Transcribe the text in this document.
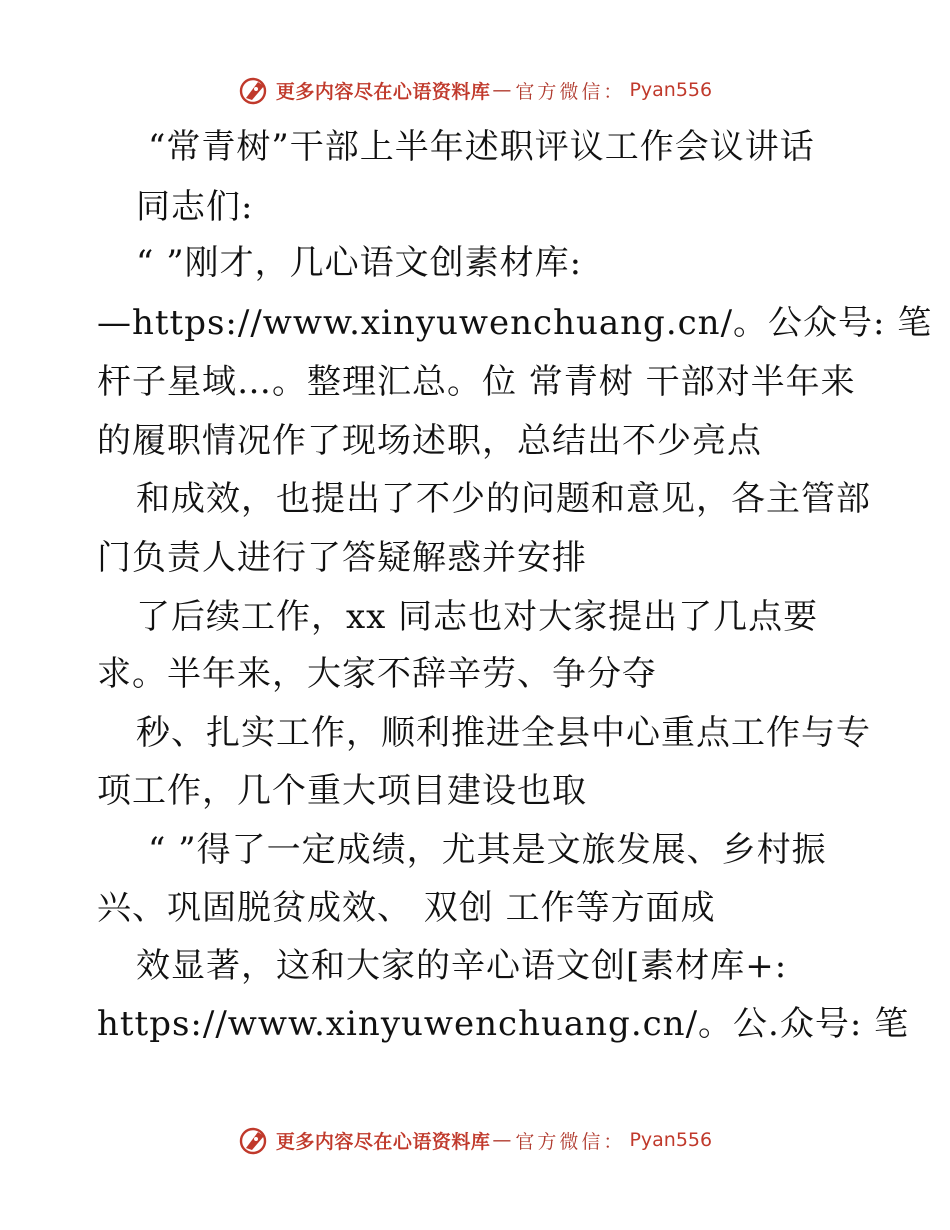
更多内容尽在心语资料库 — 官方微信： Pyan556
“常青树”干部上半年述职评议工作会议讲话
同志们:
“ ”刚才，几心语文创素材库:
—https://www.xinyuwenchuang.cn/。公众号: 笔
杆子星域…。整理汇总。位 常青树 干部对半年来
的履职情况作了现场述职，总结出不少亮点
和成效，也提出了不少的问题和意见，各主管部
门负责人进行了答疑解惑并安排
了后续工作，xx 同志也对大家提出了几点要
求。半年来，大家不辞辛劳、争分夺
秒、扎实工作，顺利推进全县中心重点工作与专
项工作，几个重大项目建设也取
“ ”得了一定成绩，尤其是文旅发展、乡村振
兴、巩固脱贫成效、 双创 工作等方面成
效显著，这和大家的辛心语文创[素材库+:
https://www.xinyuwenchuang.cn/。公.众号: 笔
更多内容尽在心语资料库 — 官方微信： Pyan556
